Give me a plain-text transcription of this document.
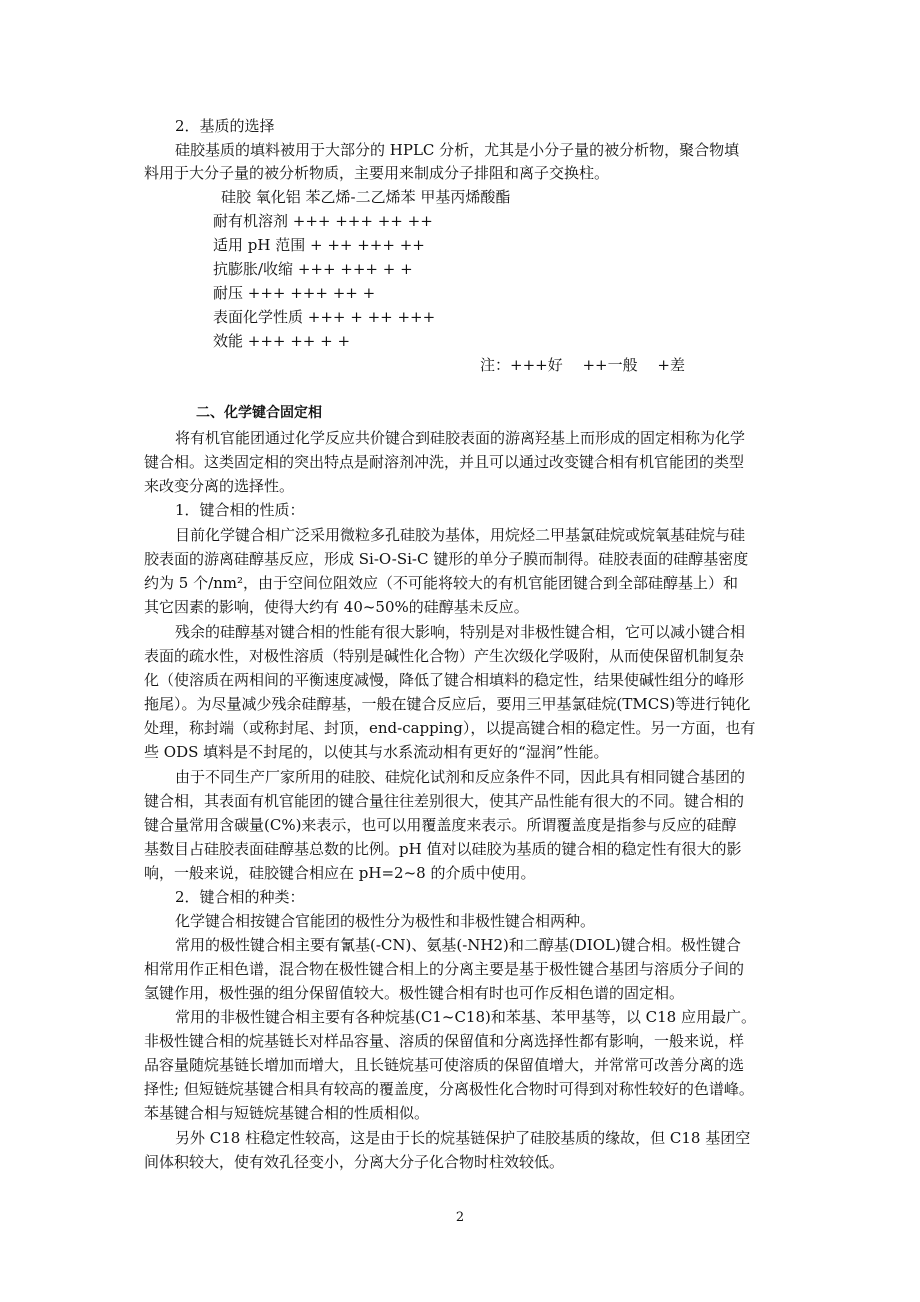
2．基质的选择
硅胶基质的填料被用于大部分的 HPLC 分析，尤其是小分子量的被分析物，聚合物填
料用于大分子量的被分析物质，主要用来制成分子排阻和离子交换柱。
硅胶 氧化铝 苯乙烯-二乙烯苯 甲基丙烯酸酯
耐有机溶剂 +++ +++ ++ ++
适用 pH 范围 + ++ +++ ++
抗膨胀/收缩 +++ +++ + +
耐压 +++ +++ ++ +
表面化学性质 +++ + ++ +++
效能 +++ ++ + +
注：+++好　 ++一般　 +差
二、化学键合固定相
将有机官能团通过化学反应共价键合到硅胶表面的游离羟基上而形成的固定相称为化学
键合相。这类固定相的突出特点是耐溶剂冲洗，并且可以通过改变键合相有机官能团的类型
来改变分离的选择性。
1．键合相的性质：
目前化学键合相广泛采用微粒多孔硅胶为基体，用烷烃二甲基氯硅烷或烷氧基硅烷与硅
胶表面的游离硅醇基反应，形成 Si-O-Si-C 键形的单分子膜而制得。硅胶表面的硅醇基密度
约为 5 个/nm²，由于空间位阻效应（不可能将较大的有机官能团键合到全部硅醇基上）和
其它因素的影响，使得大约有 40~50%的硅醇基未反应。
残余的硅醇基对键合相的性能有很大影响，特别是对非极性键合相，它可以减小键合相
表面的疏水性，对极性溶质（特别是碱性化合物）产生次级化学吸附，从而使保留机制复杂
化（使溶质在两相间的平衡速度减慢，降低了键合相填料的稳定性，结果使碱性组分的峰形
拖尾）。为尽量减少残余硅醇基，一般在键合反应后，要用三甲基氯硅烷(TMCS)等进行钝化
处理，称封端（或称封尾、封顶，end-capping），以提高键合相的稳定性。另一方面，也有
些 ODS 填料是不封尾的，以使其与水系流动相有更好的“湿润”性能。
由于不同生产厂家所用的硅胶、硅烷化试剂和反应条件不同，因此具有相同键合基团的
键合相，其表面有机官能团的键合量往往差别很大，使其产品性能有很大的不同。键合相的
键合量常用含碳量(C%)来表示，也可以用覆盖度来表示。所谓覆盖度是指参与反应的硅醇
基数目占硅胶表面硅醇基总数的比例。pH 值对以硅胶为基质的键合相的稳定性有很大的影
响，一般来说，硅胶键合相应在 pH=2~8 的介质中使用。
2．键合相的种类：
化学键合相按键合官能团的极性分为极性和非极性键合相两种。
常用的极性键合相主要有氰基(-CN)、氨基(-NH2)和二醇基(DIOL)键合相。极性键合
相常用作正相色谱，混合物在极性键合相上的分离主要是基于极性键合基团与溶质分子间的
氢键作用，极性强的组分保留值较大。极性键合相有时也可作反相色谱的固定相。
常用的非极性键合相主要有各种烷基(C1~C18)和苯基、苯甲基等，以 C18 应用最广。
非极性键合相的烷基链长对样品容量、溶质的保留值和分离选择性都有影响，一般来说，样
品容量随烷基链长增加而增大，且长链烷基可使溶质的保留值增大，并常常可改善分离的选
择性; 但短链烷基键合相具有较高的覆盖度，分离极性化合物时可得到对称性较好的色谱峰。
苯基键合相与短链烷基键合相的性质相似。
另外 C18 柱稳定性较高，这是由于长的烷基链保护了硅胶基质的缘故，但 C18 基团空
间体积较大，使有效孔径变小，分离大分子化合物时柱效较低。
2
